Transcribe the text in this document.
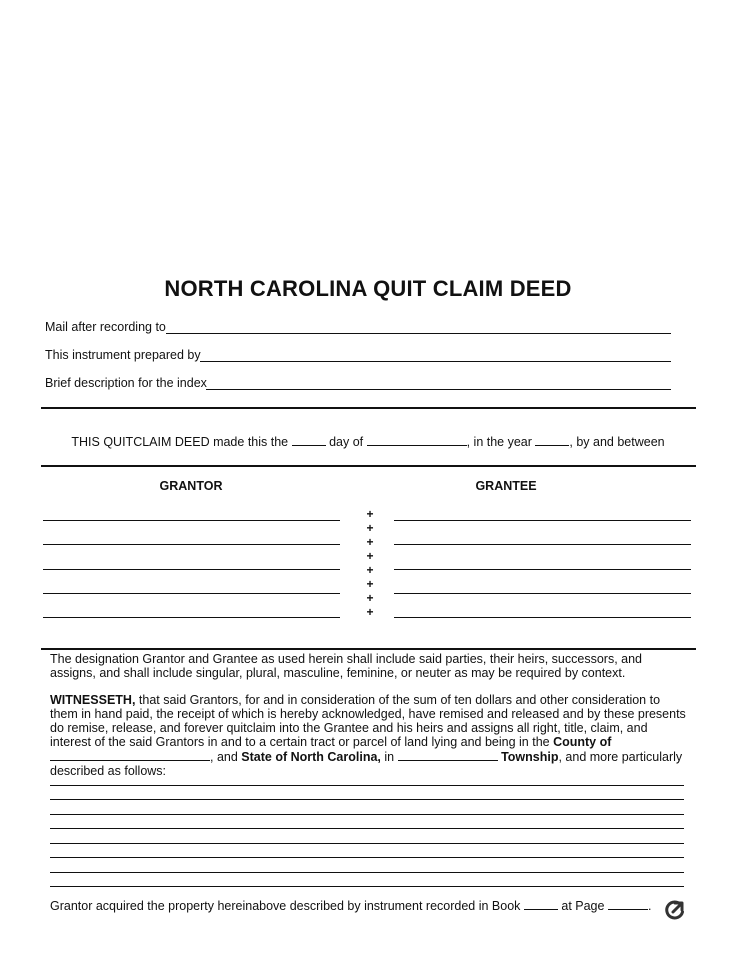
NORTH CAROLINA QUIT CLAIM DEED
Mail after recording to
This instrument prepared by
Brief description for the index
THIS QUITCLAIM DEED made this the	day of	, in the year	, by and between
GRANTOR	GRANTEE
+
+
+
+
+
+
+
+
The designation Grantor and Grantee as used herein shall include said parties, their heirs, successors, and assigns, and shall include singular, plural, masculine, feminine, or neuter as may be required by context.
WITNESSETH, that said Grantors, for and in consideration of the sum of ten dollars and other consideration to them in hand paid, the receipt of which is hereby acknowledged, have remised and released and by these presents do remise, release, and forever quitclaim into the Grantee and his heirs and assigns all right, title, claim, and interest of the said Grantors in and to a certain tract or parcel of land lying and being in the County of , and State of North Carolina, in	Township, and more particularly described as follows:
Grantor acquired the property hereinabove described by instrument recorded in Book	at Page	.
